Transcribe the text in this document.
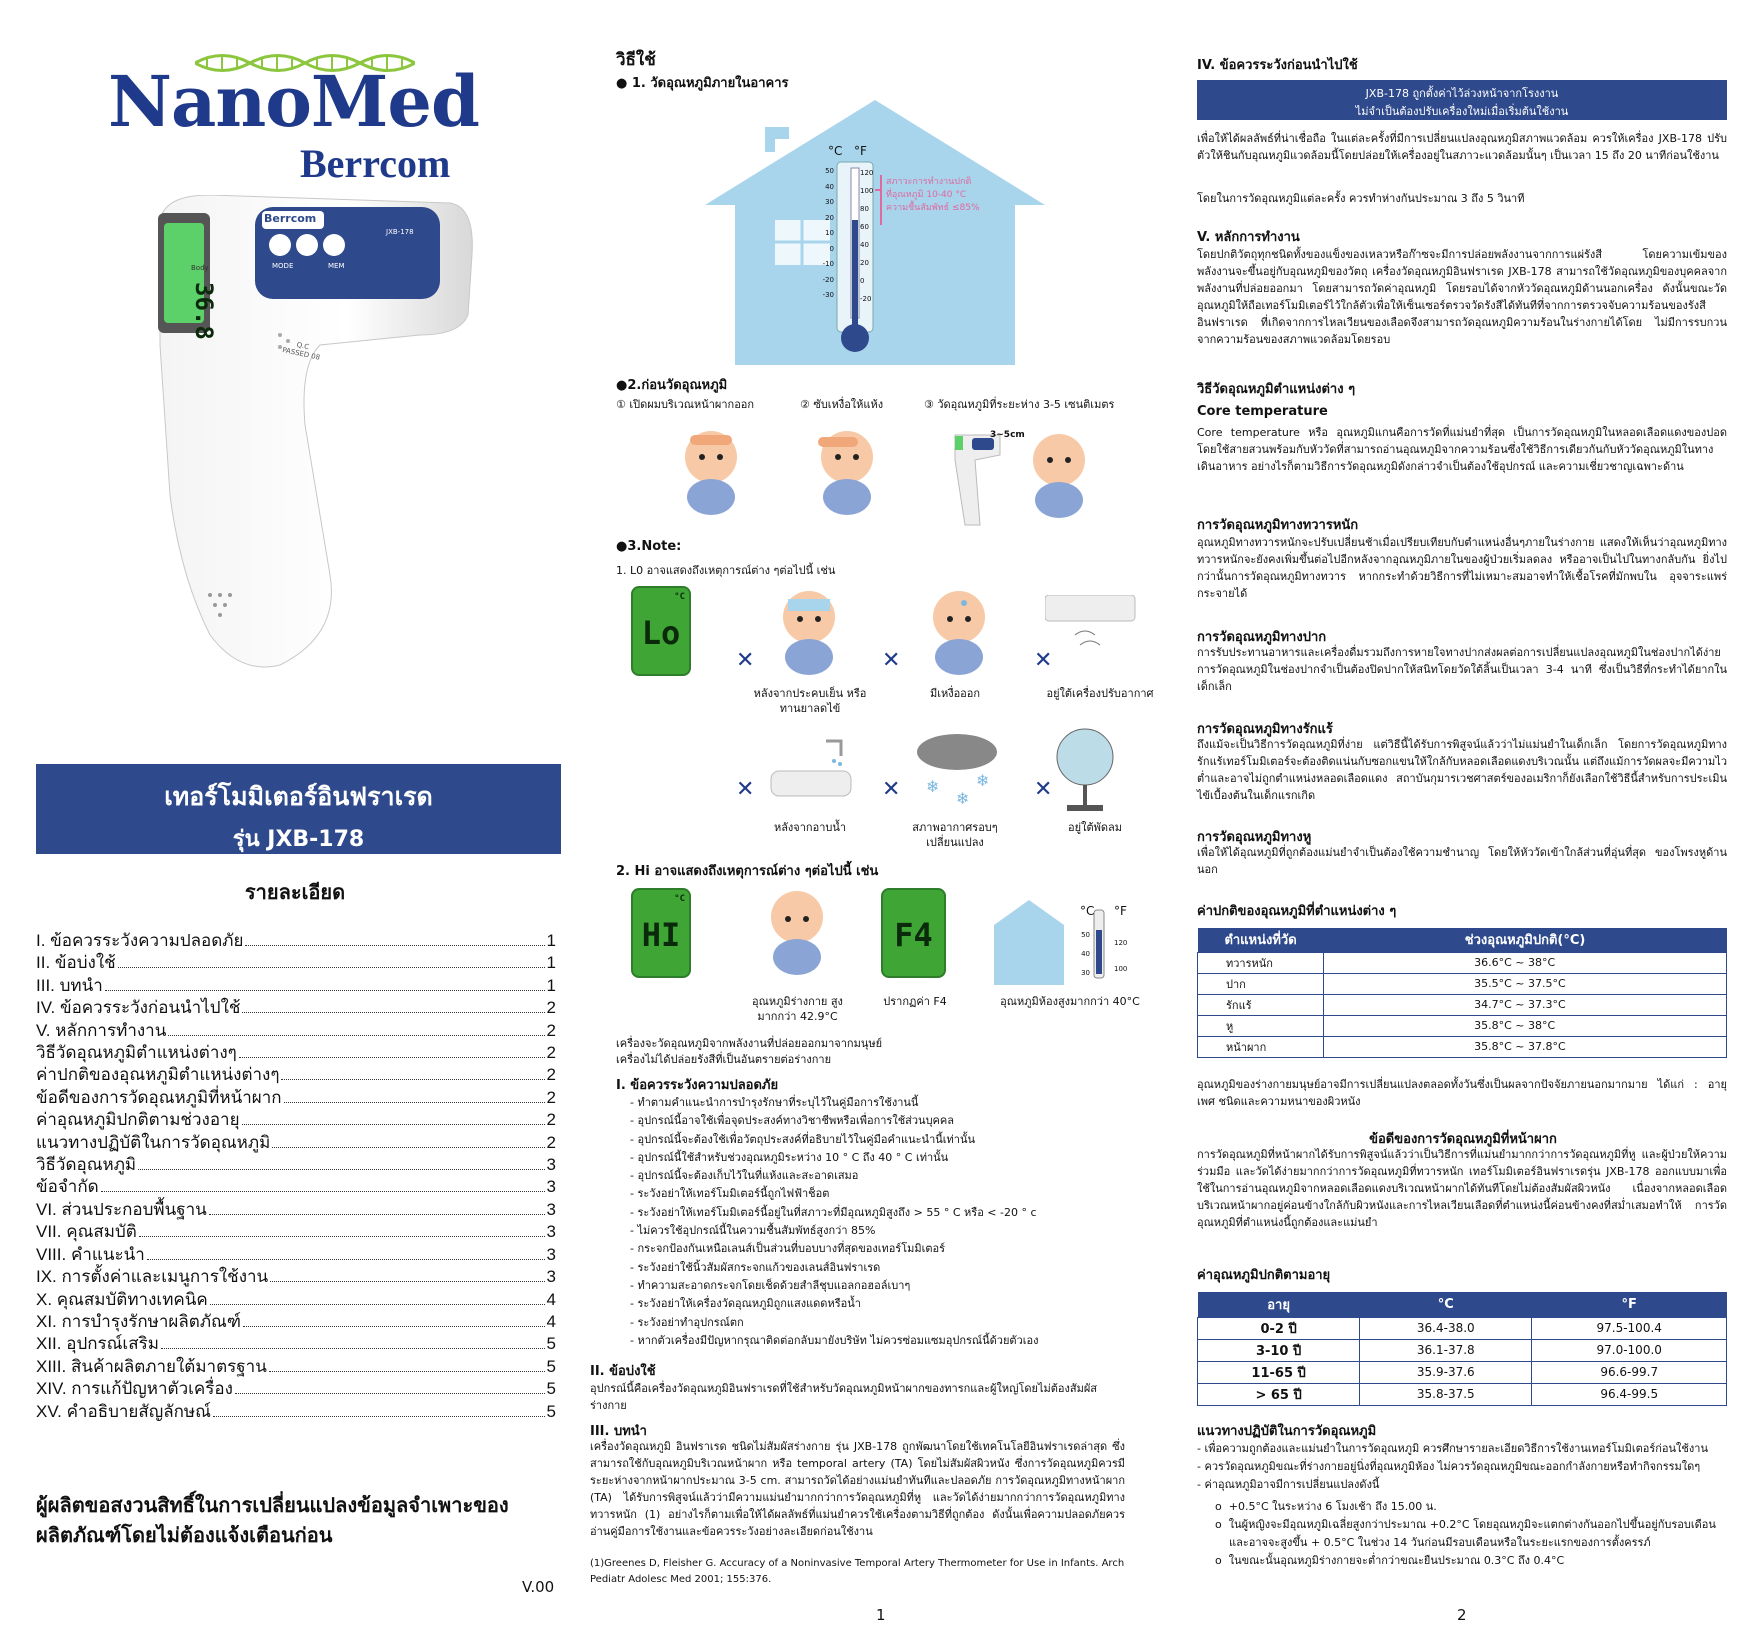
NanoMed
Berrcom
Body
36.8
Berrcom
JXB-178
MODE	MEM
Q.C PASSED 08
เทอร์โมมิเตอร์อินฟราเรด
รุ่น JXB-178
รายละเอียด
I. ข้อควรระวังความปลอดภัย	1
II. ข้อบ่งใช้	1
III. บทนำ	1
IV. ข้อควรระวังก่อนนำไปใช้	2
V. หลักการทำงาน	2
วิธีวัดอุณหภูมิตำแหน่งต่างๆ	2
ค่าปกติของอุณหภูมิตำแหน่งต่างๆ	2
ข้อดีของการวัดอุณหภูมิที่หน้าผาก	2
ค่าอุณหภูมิปกติตามช่วงอายุ	2
แนวทางปฏิบัติในการวัดอุณหภูมิ	2
วิธีวัดอุณหภูมิ	3
ข้อจำกัด	3
VI. ส่วนประกอบพื้นฐาน	3
VII. คุณสมบัติ	3
VIII. คำแนะนำ	3
IX. การตั้งค่าและเมนูการใช้งาน	3
X. คุณสมบัติทางเทคนิค	4
XI. การบำรุงรักษาผลิตภัณฑ์	4
XII. อุปกรณ์เสริม	5
XIII. สินค้าผลิตภายใต้มาตรฐาน	5
XIV. การแก้ปัญหาตัวเครื่อง	5
XV. คำอธิบายสัญลักษณ์	5
ผู้ผลิตขอสงวนสิทธิ์ในการเปลี่ยนแปลงข้อมูลจำเพาะของผลิตภัณฑ์โดยไม่ต้องแจ้งเตือนก่อน
V.00
วิธีใช้
● 1. วัดอุณหภูมิภายในอาคาร
°C °F
50
40
30
20
10
0
-10
-20
-30
120
100
80
60
40
20
0
-20
สภาวะการทำงานปกติ
ที่อุณหภูมิ 10-40 °C
ความชื้นสัมพัทธ์ ≤85%
●2.ก่อนวัดอุณหภูมิ
① เปิดผมบริเวณหน้าผากออก	② ซับเหงื่อให้แห้ง	③ วัดอุณหภูมิที่ระยะห่าง 3-5 เซนติเมตร
3~5cm
●3.Note:
1. L0 อาจแสดงถึงเหตุการณ์ต่าง ๆต่อไปนี้ เช่น
°C
Lo
✕
หลังจากประคบเย็น หรือทานยาลดไข้
✕
มีเหงื่อออก
✕
อยู่ใต้เครื่องปรับอากาศ
✕
หลังจากอาบน้ำ
✕ ❄
❄
❄
สภาพอากาศรอบๆ เปลี่ยนแปลง
✕
อยู่ใต้พัดลม
2. Hi อาจแสดงถึงเหตุการณ์ต่าง ๆต่อไปนี้ เช่น
°C
HI
อุณหภูมิร่างกาย สูงมากกว่า 42.9°C
F4
ปรากฏค่า F4
°C °F
50
40
30
120
100
อุณหภูมิห้องสูงมากกว่า 40°C
เครื่องจะวัดอุณหภูมิจากพลังงานที่ปล่อยออกมาจากมนุษย์
เครื่องไม่ได้ปล่อยรังสีที่เป็นอันตรายต่อร่างกาย
I. ข้อควรระวังความปลอดภัย
- ทำตามคำแนะนำการบำรุงรักษาที่ระบุไว้ในคู่มือการใช้งานนี้
- อุปกรณ์นี้อาจใช้เพื่อจุดประสงค์ทางวิชาชีพหรือเพื่อการใช้ส่วนบุคคล
- อุปกรณ์นี้จะต้องใช้เพื่อวัตถุประสงค์ที่อธิบายไว้ในคู่มือคำแนะนำนี้เท่านั้น
- อุปกรณ์นี้ใช้สำหรับช่วงอุณหภูมิระหว่าง 10 ° C ถึง 40 ° C เท่านั้น
- อุปกรณ์นี้จะต้องเก็บไว้ในที่แห้งและสะอาดเสมอ
- ระวังอย่าให้เทอร์โมมิเตอร์นี้ถูกไฟฟ้าช็อต
- ระวังอย่าให้เทอร์โมมิเตอร์นี้อยู่ในที่สภาวะที่มีอุณหภูมิสูงถึง > 55 ° C หรือ < -20 ° c
- ไม่ควรใช้อุปกรณ์นี้ในความชื้นสัมพัทธ์สูงกว่า 85%
- กระจกป้องกันเหนือเลนส์เป็นส่วนที่บอบบางที่สุดของเทอร์โมมิเตอร์
- ระวังอย่าใช้นิ้วสัมผัสกระจกแก้วของเลนส์อินฟราเรด
- ทำความสะอาดกระจกโดยเช็ดด้วยสำลีชุบแอลกอฮอล์เบาๆ
- ระวังอย่าให้เครื่องวัดอุณหภูมิถูกแสงแดดหรือน้ำ
- ระวังอย่าทำอุปกรณ์ตก
- หากตัวเครื่องมีปัญหากรุณาติดต่อกลับมายังบริษัท ไม่ควรซ่อมแซมอุปกรณ์นี้ด้วยตัวเอง
II. ข้อบ่งใช้

อุปกรณ์นี้คือเครื่องวัดอุณหภูมิอินฟราเรดที่ใช้สำหรับวัดอุณหภูมิหน้าผากของทารกและผู้ใหญ่โดยไม่ต้องสัมผัสร่างกาย

III. บทนำ

เครื่องวัดอุณหภูมิ อินฟราเรด ชนิดไม่สัมผัสร่างกาย รุ่น JXB-178 ถูกพัฒนาโดยใช้เทคโนโลยีอินฟราเรดล่าสุด ซึ่งสามารถใช้กับอุณหภูมิบริเวณหน้าผาก หรือ temporal artery (TA) โดยไม่สัมผัสผิวหนัง ซึ่งการวัดอุณหภูมิควรมีระยะห่างจากหน้าผากประมาณ 3-5 cm. สามารถวัดได้อย่างแม่นยำทันทีและปลอดภัย การวัดอุณหภูมิทางหน้าผาก (TA) ได้รับการพิสูจน์แล้วว่ามีความแม่นยำมากกว่าการวัดอุณหภูมิที่หู และวัดได้ง่ายมากกว่าการวัดอุณหภูมิทางทวารหนัก (1) อย่างไรก็ตามเพื่อให้ได้ผลลัพธ์ที่แม่นยำควรใช้เครื่องตามวิธีที่ถูกต้อง ดังนั้นเพื่อความปลอดภัยควรอ่านคู่มือการใช้งานและข้อควรระวังอย่างละเอียดก่อนใช้งาน

(1)Greenes D, Fleisher G. Accuracy of a Noninvasive Temporal Artery Thermometer for Use in Infants. Arch Pediatr Adolesc Med 2001; 155:376.

1
IV. ข้อควรระวังก่อนนำไปใช้
JXB-178 ถูกตั้งค่าไว้ล่วงหน้าจากโรงงาน
ไม่จำเป็นต้องปรับเครื่องใหม่เมื่อเริ่มต้นใช้งาน

เพื่อให้ได้ผลลัพธ์ที่น่าเชื่อถือ ในแต่ละครั้งที่มีการเปลี่ยนแปลงอุณหภูมิสภาพแวดล้อม ควรให้เครื่อง JXB-178 ปรับตัวให้ชินกับอุณหภูมิแวดล้อมนี้โดยปล่อยให้เครื่องอยู่ในสภาวะแวดล้อมนั้นๆ เป็นเวลา 15 ถึง 20 นาทีก่อนใช้งาน

โดยในการวัดอุณหภูมิแต่ละครั้ง ควรทำห่างกันประมาณ 3 ถึง 5 วินาที

V. หลักการทำงาน

โดยปกติวัตถุทุกชนิดทั้งของแข็งของเหลวหรือก๊าซจะมีการปล่อยพลังงานจากการแผ่รังสี โดยความเข้มของพลังงานจะขึ้นอยู่กับอุณหภูมิของวัตถุ เครื่องวัดอุณหภูมิอินฟราเรด JXB-178 สามารถใช้วัดอุณหภูมิของบุคคลจากพลังงานที่ปล่อยออกมา โดยสามารถวัดค่าอุณหภูมิ โดยรอบได้จากหัววัดอุณหภูมิด้านนอกเครื่อง ดังนั้นขณะวัดอุณหภูมิให้ถือเทอร์โมมิเตอร์ไว้ใกล้ตัวเพื่อให้เซ็นเซอร์ตรวจวัดรังสีได้ทันทีที่จากการตรวจจับความร้อนของรังสีอินฟราเรด ที่เกิดจากการไหลเวียนของเลือดจึงสามารถวัดอุณหภูมิความร้อนในร่างกายได้โดย ไม่มีการรบกวนจากความร้อนของสภาพแวดล้อมโดยรอบ

วิธีวัดอุณหภูมิตำแหน่งต่าง ๆ
Core temperature

Core temperature หรือ อุณหภูมิแกนคือการวัดที่แม่นยำที่สุด เป็นการวัดอุณหภูมิในหลอดเลือดแดงของปอดโดยใช้สายสวนพร้อมกับหัววัดที่สามารถอ่านอุณหภูมิจากความร้อนซึ่งใช้วิธีการเดียวกันกับหัววัดอุณหภูมิในทางเดินอาหาร อย่างไรก็ตามวิธีการวัดอุณหภูมิดังกล่าวจำเป็นต้องใช้อุปกรณ์ และความเชี่ยวชาญเฉพาะด้าน

การวัดอุณหภูมิทางทวารหนัก

อุณหภูมิทางทวารหนักจะปรับเปลี่ยนช้าเมื่อเปรียบเทียบกับตำแหน่งอื่นๆภายในร่างกาย แสดงให้เห็นว่าอุณหภูมิทางทวารหนักจะยังคงเพิ่มขึ้นต่อไปอีกหลังจากอุณหภูมิภายในของผู้ป่วยเริ่มลดลง หรืออาจเป็นไปในทางกลับกัน ยิ่งไปกว่านั้นการวัดอุณหภูมิทางทวาร หากกระทำด้วยวิธีการที่ไม่เหมาะสมอาจทำให้เชื้อโรคที่มักพบใน อุจจาระแพร่กระจายได้

การวัดอุณหภูมิทางปาก

การรับประทานอาหารและเครื่องดื่มรวมถึงการหายใจทางปากส่งผลต่อการเปลี่ยนแปลงอุณหภูมิในช่องปากได้ง่าย การวัดอุณหภูมิในช่องปากจำเป็นต้องปิดปากให้สนิทโดยวัดใต้ลิ้นเป็นเวลา 3-4 นาที ซึ่งเป็นวิธีที่กระทำได้ยากในเด็กเล็ก

การวัดอุณหภูมิทางรักแร้

ถึงแม้จะเป็นวิธีการวัดอุณหภูมิที่ง่าย แต่วิธีนี้ได้รับการพิสูจน์แล้วว่าไม่แม่นยำในเด็กเล็ก โดยการวัดอุณหภูมิทางรักแร้เทอร์โมมิเตอร์จะต้องติดแน่นกับซอกแขนให้ใกล้กับหลอดเลือดแดงบริเวณนั้น แต่ถึงแม้การวัดผลจะมีความไวต่ำและอาจไม่ถูกตำแหน่งหลอดเลือดแดง สถาบันกุมารเวชศาสตร์ของอเมริกาก็ยังเลือกใช้วิธีนี้สำหรับการประเมินไข้เบื้องต้นในเด็กแรกเกิด

การวัดอุณหภูมิทางหู

เพื่อให้ได้อุณหภูมิที่ถูกต้องแม่นยำจำเป็นต้องใช้ความชำนาญ โดยให้หัววัดเข้าใกล้ส่วนที่อุ่นที่สุด ของโพรงหูด้านนอก

ค่าปกติของอุณหภูมิที่ตำแหน่งต่าง ๆ
ตำแหน่งที่วัด	ช่วงอุณหภูมิปกติ(°C)
ทวารหนัก	36.6°C ~ 38°C
ปาก	35.5°C ~ 37.5°C
รักแร้	34.7°C ~ 37.3°C
หู	35.8°C ~ 38°C
หน้าผาก	35.8°C ~ 37.8°C

อุณหภูมิของร่างกายมนุษย์อาจมีการเปลี่ยนแปลงตลอดทั้งวันซึ่งเป็นผลจากปัจจัยภายนอกมากมาย ได้แก่ : อายุ เพศ ชนิดและความหนาของผิวหนัง

ข้อดีของการวัดอุณหภูมิที่หน้าผาก

การวัดอุณหภูมิที่หน้าผากได้รับการพิสูจน์แล้วว่าเป็นวิธีการที่แม่นยำมากกว่าการวัดอุณหภูมิที่หู และผู้ป่วยให้ความร่วมมือ และวัดได้ง่ายมากกว่าการวัดอุณหภูมิที่ทวารหนัก เทอร์โมมิเตอร์อินฟราเรดรุ่น JXB-178 ออกแบบมาเพื่อใช้ในการอ่านอุณหภูมิจากหลอดเลือดแดงบริเวณหน้าผากได้ทันทีโดยไม่ต้องสัมผัสผิวหนัง เนื่องจากหลอดเลือด บริเวณหน้าผากอยู่ค่อนข้างใกล้กับผิวหนังและการไหลเวียนเลือดที่ตำแหน่งนี้ค่อนข้างคงที่สม่ำเสมอทำให้ การวัดอุณหภูมิที่ตำแหน่งนี้ถูกต้องและแม่นยำ

ค่าอุณหภูมิปกติตามอายุ
อายุ	°C	°F
0-2 ปี	36.4-38.0	97.5-100.4
3-10 ปี	36.1-37.8	97.0-100.0
11-65 ปี	35.9-37.6	96.6-99.7
> 65 ปี	35.8-37.5	96.4-99.5
แนวทางปฏิบัติในการวัดอุณหภูมิ
- เพื่อความถูกต้องและแม่นยำในการวัดอุณหภูมิ ควรศึกษารายละเอียดวิธีการใช้งานเทอร์โมมิเตอร์ก่อนใช้งาน
- ควรวัดอุณหภูมิขณะที่ร่างกายอยู่นิ่งที่อุณหภูมิห้อง ไม่ควรวัดอุณหภูมิขณะออกกำลังกายหรือทำกิจกรรมใดๆ
- ค่าอุณหภูมิอาจมีการเปลี่ยนแปลงดังนี้
o  +0.5°C ในระหว่าง 6 โมงเช้า ถึง 15.00 น.
o  ในผู้หญิงจะมีอุณหภูมิเฉลี่ยสูงกว่าประมาณ +0.2°C โดยอุณหภูมิจะแตกต่างกันออกไปขึ้นอยู่กับรอบเดือน และอาจจะสูงขึ้น + 0.5°C ในช่วง 14 วันก่อนมีรอบเดือนหรือในระยะแรกของการตั้งครรภ์
o  ในขณะนั้นอุณหภูมิร่างกายจะต่ำกว่าขณะยืนประมาณ 0.3°C ถึง 0.4°C
2
